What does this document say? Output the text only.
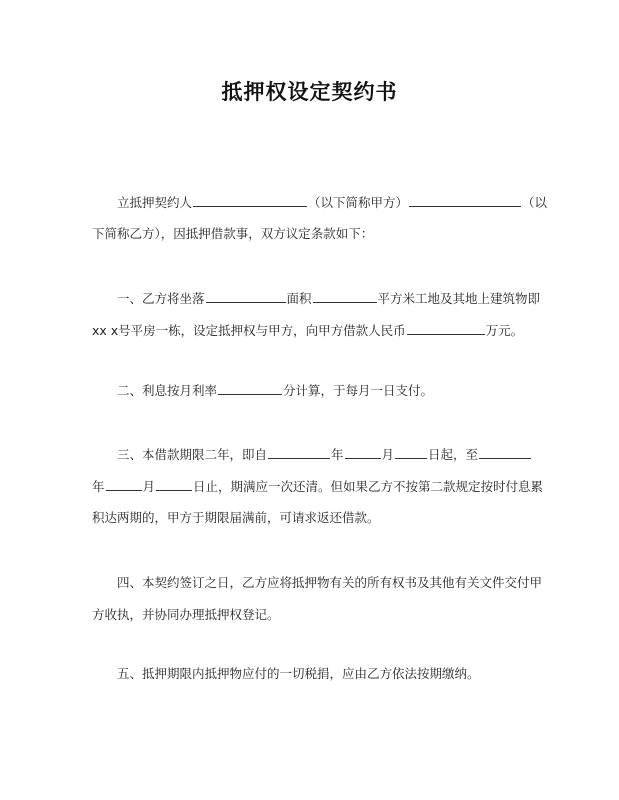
抵押权设定契约书
立抵押契约人	（以下简称甲方）	（以
下简称乙方），因抵押借款事，双方议定条款如下：
一、乙方将坐落	面积	平方米工地及其地上建筑物即
xx x号平房一栋，设定抵押权与甲方，向甲方借款人民币	万元。
二、利息按月利率	分计算，于每月一日支付。
三、本借款期限二年，即自	年	月	日起，至
年	月	日止，期满应一次还清。但如果乙方不按第二款规定按时付息累
积达两期的，甲方于期限届满前，可请求返还借款。
四、本契约签订之日，乙方应将抵押物有关的所有权书及其他有关文件交付甲
方收执，并协同办理抵押权登记。
五、抵押期限内抵押物应付的一切税捐，应由乙方依法按期缴纳。
